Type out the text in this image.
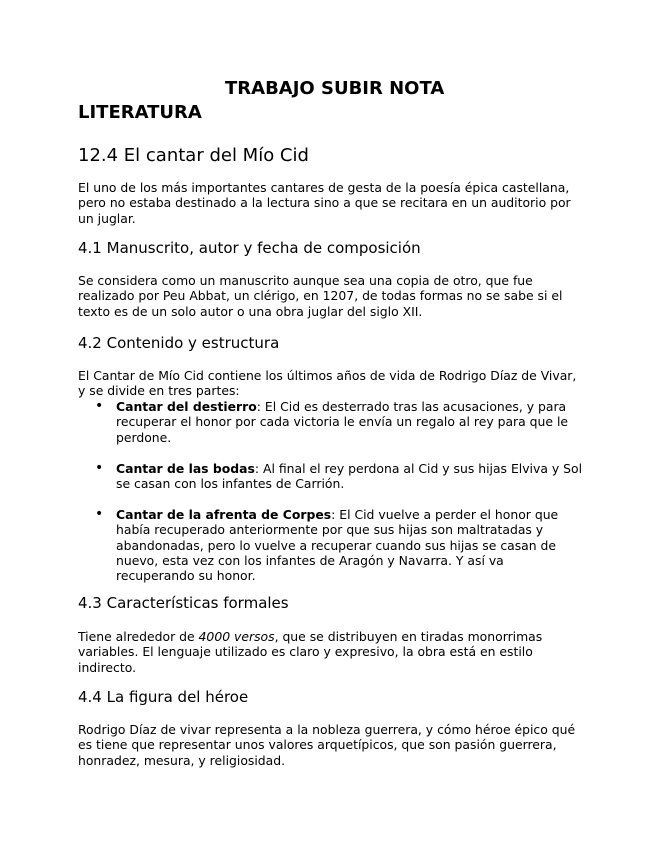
TRABAJO SUBIR NOTA
LITERATURA
12.4 El cantar del Mío Cid

El uno de los más importantes cantares de gesta de la poesía épica castellana, pero no estaba destinado a la lectura sino a que se recitara en un auditorio por un juglar.

4.1 Manuscrito, autor y fecha de composición

Se considera como un manuscrito aunque sea una copia de otro, que fue realizado por Peu Abbat, un clérigo, en 1207, de todas formas no se sabe si el texto es de un solo autor o una obra juglar del siglo XII.

4.2 Contenido y estructura

El Cantar de Mío Cid contiene los últimos años de vida de Rodrigo Díaz de Vivar, y se divide en tres partes:

• Cantar del destierro: El Cid es desterrado tras las acusaciones, y para recuperar el honor por cada victoria le envía un regalo al rey para que le perdone.
• Cantar de las bodas: Al final el rey perdona al Cid y sus hijas Elviva y Sol se casan con los infantes de Carrión.
• Cantar de la afrenta de Corpes: El Cid vuelve a perder el honor que había recuperado anteriormente por que sus hijas son maltratadas y abandonadas, pero lo vuelve a recuperar cuando sus hijas se casan de nuevo, esta vez con los infantes de Aragón y Navarra. Y así va recuperando su honor.
4.3 Características formales

Tiene alrededor de 4000 versos, que se distribuyen en tiradas monorrimas variables. El lenguaje utilizado es claro y expresivo, la obra está en estilo indirecto.

4.4 La figura del héroe

Rodrigo Díaz de vivar representa a la nobleza guerrera, y cómo héroe épico qué es tiene que representar unos valores arquetípicos, que son pasión guerrera, honradez, mesura, y religiosidad.
